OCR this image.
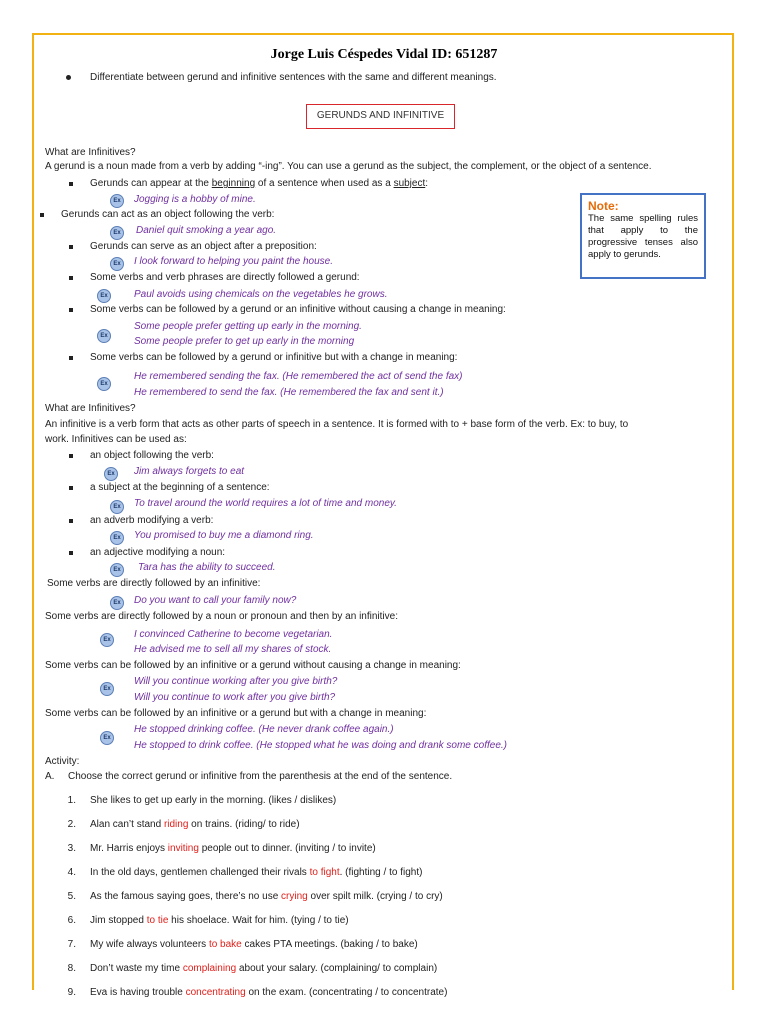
Jorge Luis Céspedes Vidal ID: 651287
Differentiate between gerund and infinitive sentences with the same and different meanings.
GERUNDS AND INFINITIVE
Note:
The same spelling rules that apply to the progressive tenses also apply to gerunds.
What are Infinitives?
A gerund is a noun made from a verb by adding “-ing”. You can use a gerund as the subject, the complement, or the object of a sentence.
Gerunds can appear at the beginning of a sentence when used as a subject:
Ex	Jogging is a hobby of mine.
Gerunds can act as an object following the verb:
Ex	Daniel quit smoking a year ago.
Gerunds can serve as an object after a preposition:
Ex	I look forward to helping you paint the house.
Some verbs and verb phrases are directly followed a gerund:
Ex	Paul avoids using chemicals on the vegetables he grows.
Some verbs can be followed by a gerund or an infinitive without causing a change in meaning:
Ex
Some people prefer getting up early in the morning.
Some people prefer to get up early in the morning
Some verbs can be followed by a gerund or infinitive but with a change in meaning:
Ex
He remembered sending the fax. (He remembered the act of send the fax)
He remembered to send the fax. (He remembered the fax and sent it.)
What are Infinitives?
An infinitive is a verb form that acts as other parts of speech in a sentence. It is formed with to + base form of the verb. Ex: to buy, to
work. Infinitives can be used as:
an object following the verb:
Ex	Jim always forgets to eat
a subject at the beginning of a sentence:
Ex	To travel around the world requires a lot of time and money.
an adverb modifying a verb:
Ex	You promised to buy me a diamond ring.
an adjective modifying a noun:
Ex	Tara has the ability to succeed.
Some verbs are directly followed by an infinitive:
Ex	Do you want to call your family now?
Some verbs are directly followed by a noun or pronoun and then by an infinitive:
Ex	I convinced Catherine to become vegetarian.
He advised me to sell all my shares of stock.
Some verbs can be followed by an infinitive or a gerund without causing a change in meaning:
Ex
Will you continue working after you give birth?
Will you continue to work after you give birth?
Some verbs can be followed by an infinitive or a gerund but with a change in meaning:
Ex
He stopped drinking coffee. (He never drank coffee again.)
He stopped to drink coffee. (He stopped what he was doing and drank some coffee.)
Activity:
A. Choose the correct gerund or infinitive from the parenthesis at the end of the sentence.
1. She likes to get up early in the morning. (likes / dislikes)
2. Alan can’t stand riding on trains. (riding/ to ride)
3. Mr. Harris enjoys inviting people out to dinner. (inviting / to invite)
4. In the old days, gentlemen challenged their rivals to fight. (fighting / to fight)
5. As the famous saying goes, there’s no use crying over spilt milk. (crying / to cry)
6. Jim stopped to tie his shoelace. Wait for him. (tying / to tie)
7. My wife always volunteers to bake cakes PTA meetings. (baking / to bake)
8. Don’t waste my time complaining about your salary. (complaining/ to complain)
9. Eva is having trouble concentrating on the exam. (concentrating / to concentrate)
